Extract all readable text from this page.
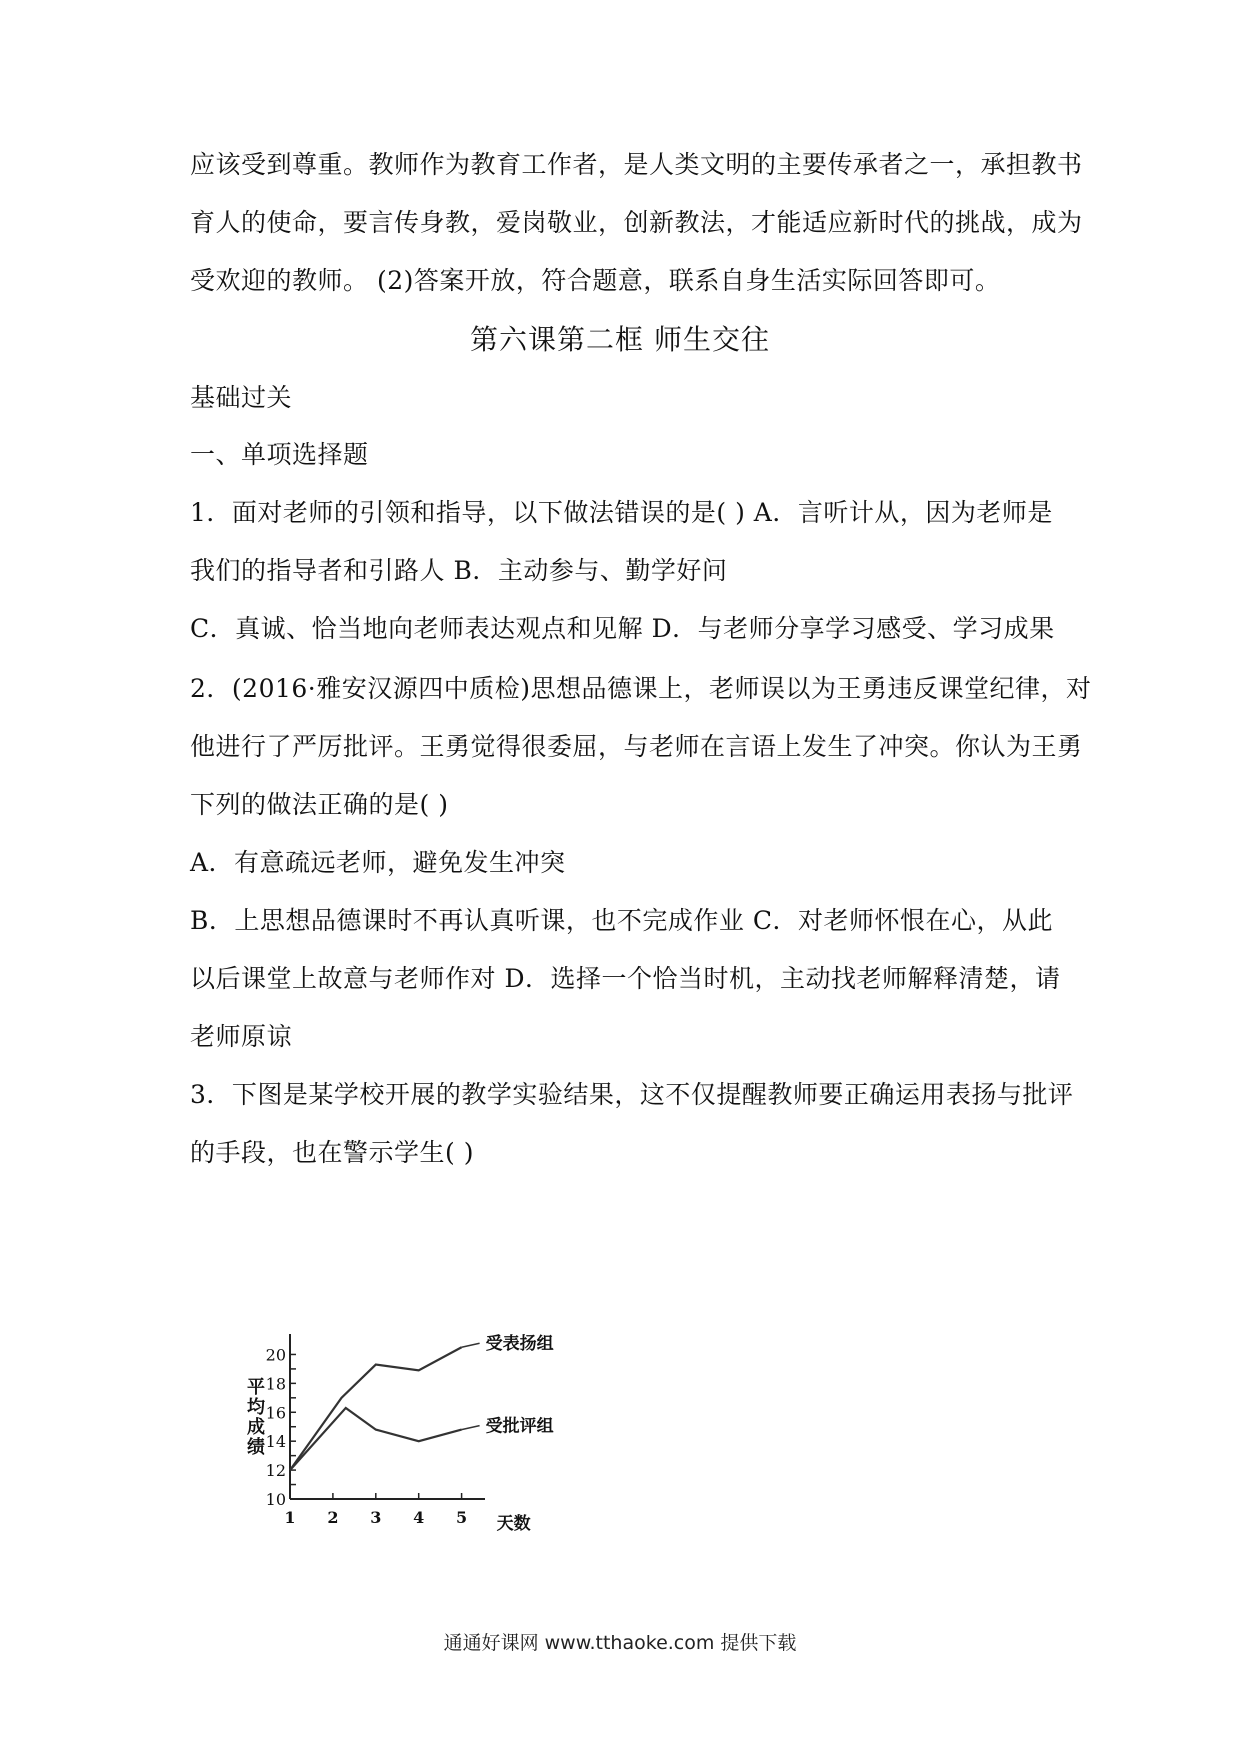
应该受到尊重。教师作为教育工作者，是人类文明的主要传承者之一，承担教书
育人的使命，要言传身教，爱岗敬业，创新教法，才能适应新时代的挑战，成为
受欢迎的教师。 (2)答案开放，符合题意，联系自身生活实际回答即可。
第六课第二框 师生交往
基础过关
一、单项选择题
1．面对老师的引领和指导，以下做法错误的是( ) A．言听计从，因为老师是
我们的指导者和引路人 B．主动参与、勤学好问
C．真诚、恰当地向老师表达观点和见解 D．与老师分享学习感受、学习成果
2．(2016·雅安汉源四中质检)思想品德课上，老师误以为王勇违反课堂纪律，对
他进行了严厉批评。王勇觉得很委屈，与老师在言语上发生了冲突。你认为王勇
下列的做法正确的是( )
A．有意疏远老师，避免发生冲突
B．上思想品德课时不再认真听课，也不完成作业 C．对老师怀恨在心，从此
以后课堂上故意与老师作对 D．选择一个恰当时机，主动找老师解释清楚，请
老师原谅
3．下图是某学校开展的教学实验结果，这不仅提醒教师要正确运用表扬与批评
的手段，也在警示学生( )
平均成绩
10
12
14
16
18
20
1 2 3 4 5 天数
受表扬组
受批评组
通通好课网 www.tthaoke.com 提供下载
